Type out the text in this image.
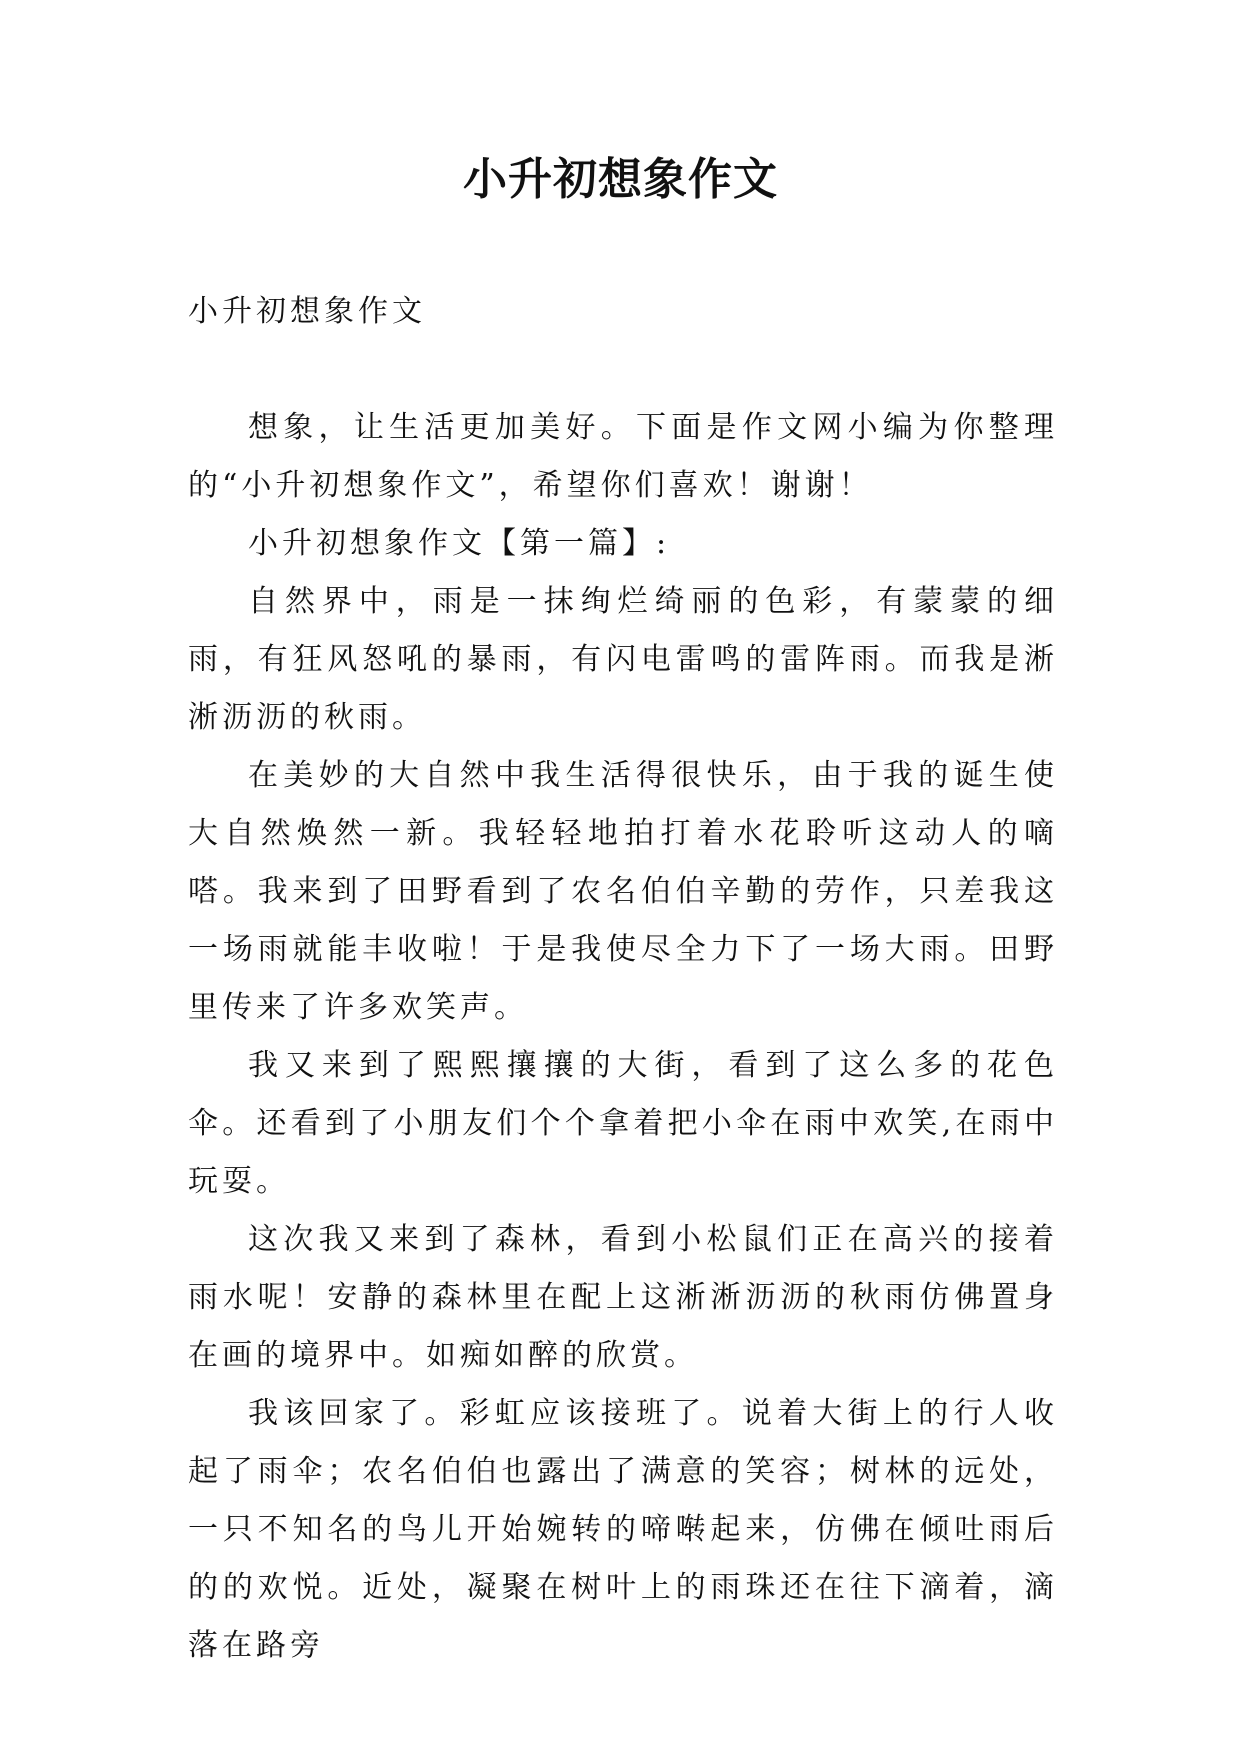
小升初想象作文

小升初想象作文

想象，让生活更加美好。下面是作文网小编为你整理的“小升初想象作文”，希望你们喜欢！谢谢！

小升初想象作文【第一篇】:

自然界中，雨是一抹绚烂绮丽的色彩，有蒙蒙的细雨，有狂风怒吼的暴雨，有闪电雷鸣的雷阵雨。而我是淅淅沥沥的秋雨。

在美妙的大自然中我生活得很快乐，由于我的诞生使大自然焕然一新。我轻轻地拍打着水花聆听这动人的嘀嗒。我来到了田野看到了农名伯伯辛勤的劳作，只差我这一场雨就能丰收啦！于是我使尽全力下了一场大雨。田野里传来了许多欢笑声。

我又来到了熙熙攘攘的大街，看到了这么多的花色伞。还看到了小朋友们个个拿着把小伞在雨中欢笑,在雨中玩耍。

这次我又来到了森林，看到小松鼠们正在高兴的接着雨水呢！安静的森林里在配上这淅淅沥沥的秋雨仿佛置身在画的境界中。如痴如醉的欣赏。

我该回家了。彩虹应该接班了。说着大街上的行人收起了雨伞；农名伯伯也露出了满意的笑容；树林的远处，一只不知名的鸟儿开始婉转的啼啭起来，仿佛在倾吐雨后的的欢悦。近处，凝聚在树叶上的雨珠还在往下滴着，滴落在路旁
